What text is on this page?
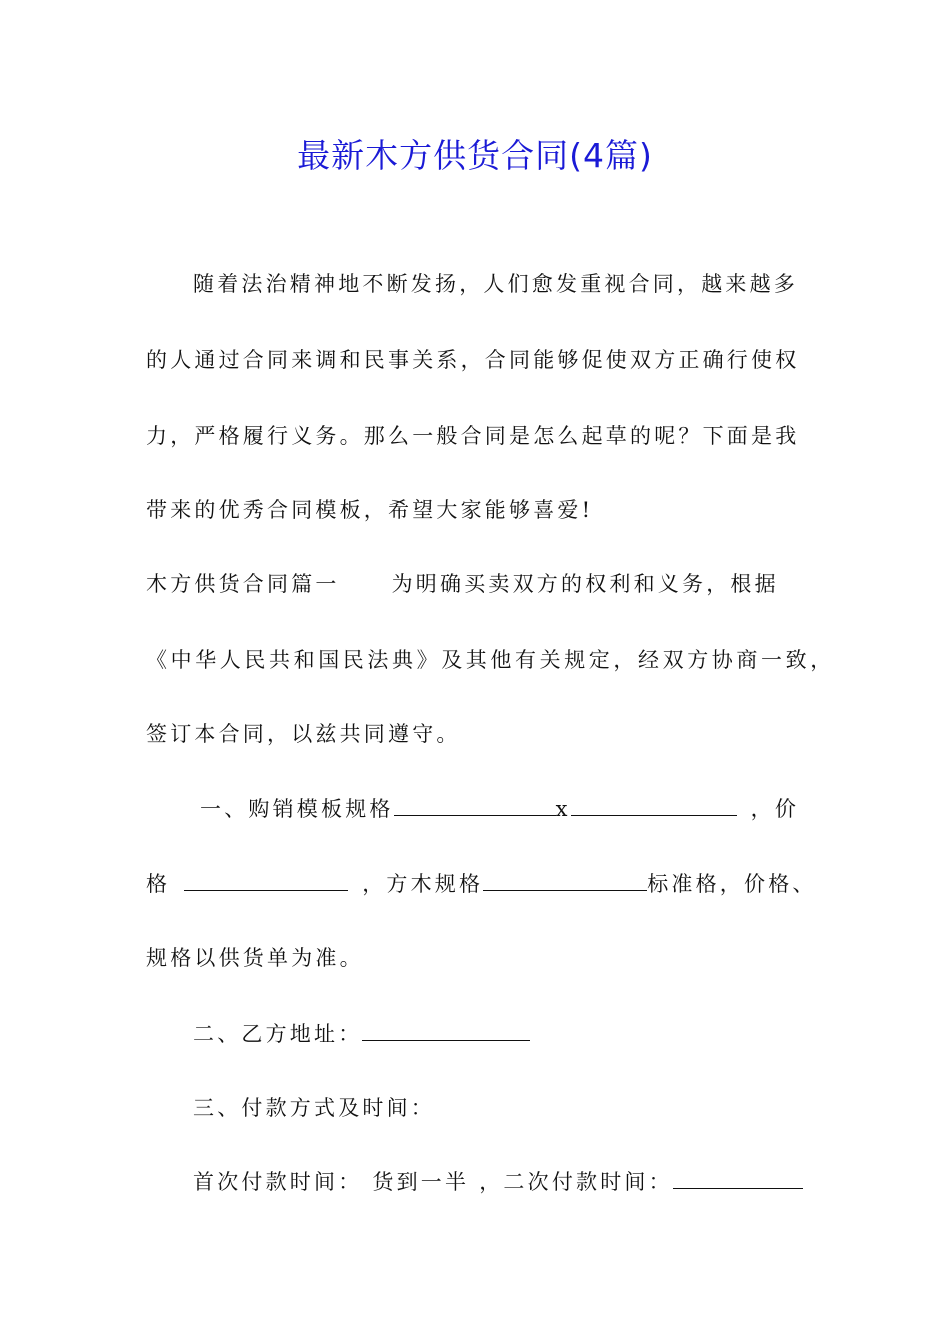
最新木方供货合同(4篇)
随着法治精神地不断发扬，人们愈发重视合同，越来越多
的人通过合同来调和民事关系，合同能够促使双方正确行使权
力，严格履行义务。那么一般合同是怎么起草的呢？下面是我
带来的优秀合同模板，希望大家能够喜爱!
木方供货合同篇一 为明确买卖双方的权利和义务，根据
《中华人民共和国民法典》及其他有关规定，经双方协商一致，
签订本合同，以兹共同遵守。
一、购销模板规格	x	，价
格	，方木规格	标准格，价格、
规格以供货单为准。
二、乙方地址：
三、付款方式及时间：
首次付款时间： 货到一半 ，二次付款时间：
